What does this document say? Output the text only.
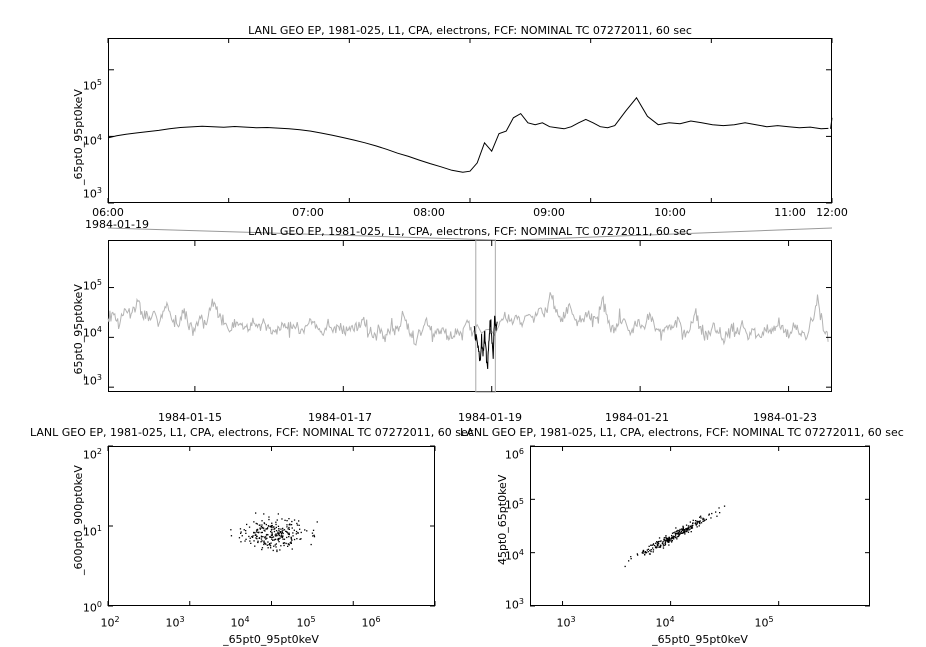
LANL GEO EP, 1981-025, L1, CPA, electrons, FCF: NOMINAL TC 07272011, 60 sec
_65pt0_95pt0keV
$10^5$
$10^4$
$10^3$
06:00	07:00	08:00	09:00	10:00	11:00 12:00
1984-01-19
LANL GEO EP, 1981-025, L1, CPA, electrons, FCF: NOMINAL TC 07272011, 60 sec
_65pt0_95pt0keV
$10^5$
$10^4$
$10^3$
1984-01-15	1984-01-17	1984-01-19	1984-01-21	1984-01-23
LANL GEO EP, 1981-025, L1, CPA, electrons, FCF: NOMINAL TC 07272011, 60 sec
_600pt0_900pt0keV
$10^2$
$10^1$
$10^0$
$10^2$	$10^3$	$10^4$	$10^5$	$10^6$
_65pt0_95pt0keV
LANL GEO EP, 1981-025, L1, CPA, electrons, FCF: NOMINAL TC 07272011, 60 sec
45pt0_65pt0keV
$10^6$
$10^5$
$10^4$
$10^3$
$10^3$	$10^4$	$10^5$
_65pt0_95pt0keV
